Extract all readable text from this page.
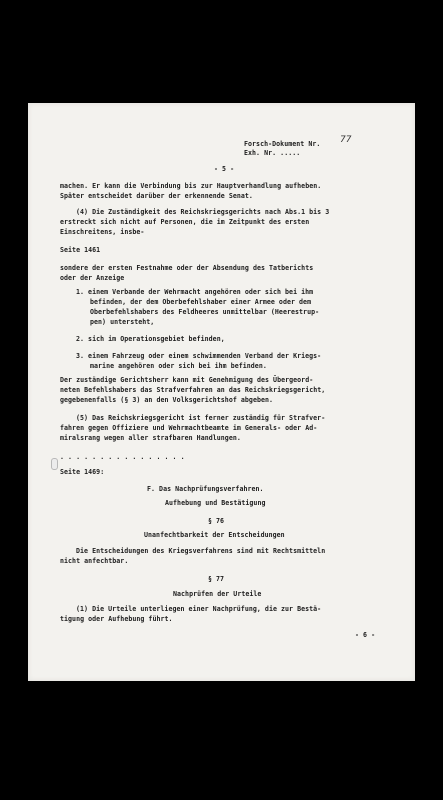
Forsch-Dokument Nr. 77
Exh. Nr. .....
- 5 -
machen. Er kann die Verbindung bis zur Hauptverhandlung aufheben.
Später entscheidet darüber der erkennende Senat.
(4) Die Zuständigkeit des Reichskriegsgerichts nach Abs.1 bis 3
erstreckt sich nicht auf Personen, die im Zeitpunkt des ersten
Einschreitens, insbe-
Seite 1461
sondere der ersten Festnahme oder der Absendung des Tatberichts
oder der Anzeige
1. einem Verbande der Wehrmacht angehören oder sich bei ihm
befinden, der dem Oberbefehlshaber einer Armee oder dem
Oberbefehlshabers des Feldheeres unmittelbar (Heerestrup-
pen) untersteht,
2. sich im Operationsgebiet befinden,
3. einem Fahrzeug oder einem schwimmenden Verband der Kriegs-
marine angehören oder sich bei ihm befinden.
Der zuständige Gerichtsherr kann mit Genehmigung des Übergeord-
neten Befehlshabers das Strafverfahren an das Reichskriegsgericht,
gegebenenfalls (§ 3) an den Volksgerichtshof abgeben.
(5) Das Reichskriegsgericht ist ferner zuständig für Strafver-
fahren gegen Offiziere und Wehrmachtbeamte im Generals- oder Ad-
miralsrang wegen aller strafbaren Handlungen.
. . . . . . . . . . . . . . . .
Seite 1469:
F. Das Nachprüfungsverfahren.
Aufhebung und Bestätigung
§ 76
Unanfechtbarkeit der Entscheidungen
Die Entscheidungen des Kriegsverfahrens sind mit Rechtsmitteln
nicht anfechtbar.
§ 77
Nachprüfen der Urteile
(1) Die Urteile unterliegen einer Nachprüfung, die zur Bestä-
tigung oder Aufhebung führt.
- 6 -
